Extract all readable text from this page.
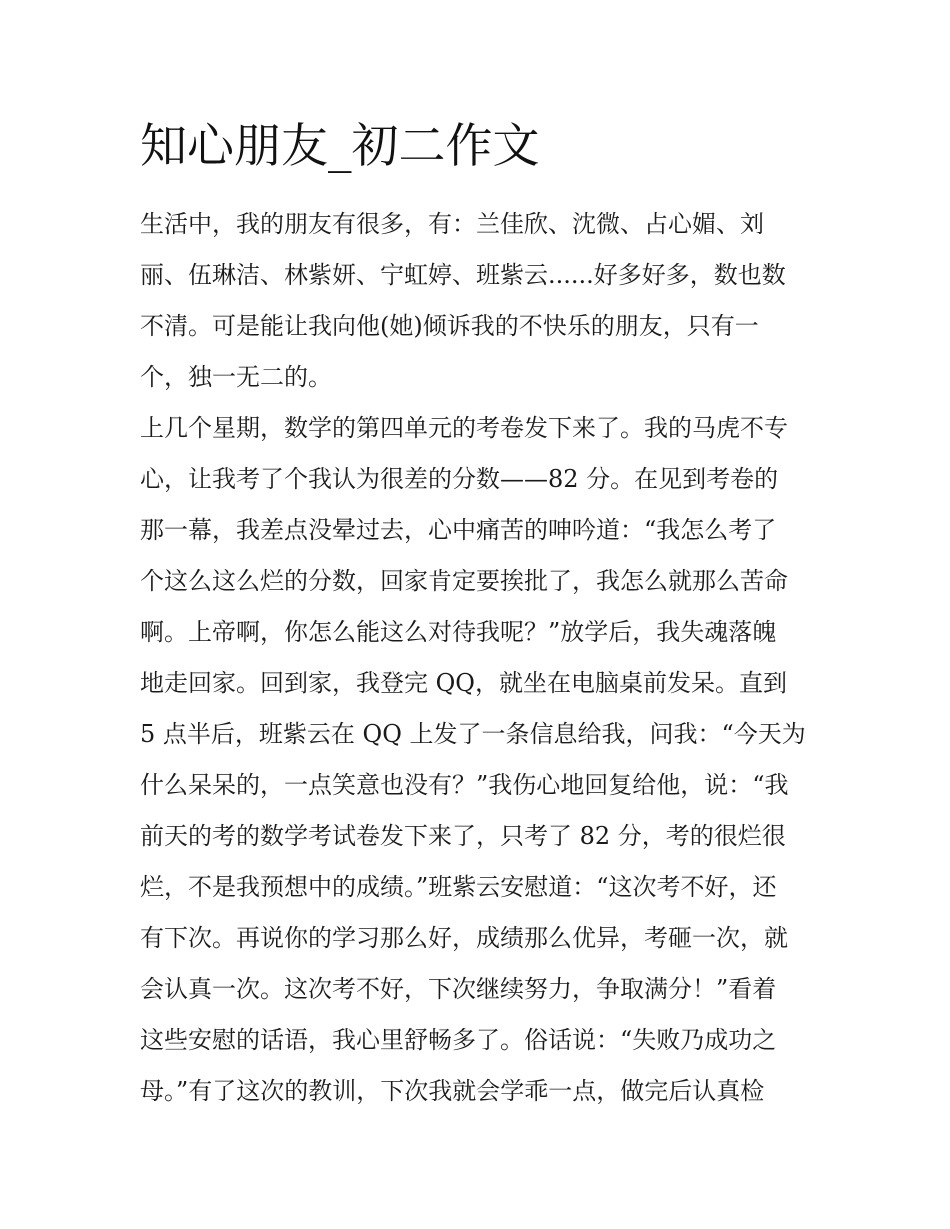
知心朋友_初二作文
生活中，我的朋友有很多，有：兰佳欣、沈微、占心媚、刘
丽、伍琳洁、林紫妍、宁虹婷、班紫云......好多好多，数也数
不清。可是能让我向他(她)倾诉我的不快乐的朋友，只有一
个，独一无二的。
上几个星期，数学的第四单元的考卷发下来了。我的马虎不专
心，让我考了个我认为很差的分数——82 分。在见到考卷的
那一幕，我差点没晕过去，心中痛苦的呻吟道：“我怎么考了
个这么这么烂的分数，回家肯定要挨批了，我怎么就那么苦命
啊。上帝啊，你怎么能这么对待我呢？”放学后，我失魂落魄
地走回家。回到家，我登完 QQ，就坐在电脑桌前发呆。直到
5 点半后，班紫云在 QQ 上发了一条信息给我，问我：“今天为
什么呆呆的，一点笑意也没有？”我伤心地回复给他，说：“我
前天的考的数学考试卷发下来了，只考了 82 分，考的很烂很
烂，不是我预想中的成绩。”班紫云安慰道：“这次考不好，还
有下次。再说你的学习那么好，成绩那么优异，考砸一次，就
会认真一次。这次考不好，下次继续努力，争取满分！”看着
这些安慰的话语，我心里舒畅多了。俗话说：“失败乃成功之
母。”有了这次的教训，下次我就会学乖一点，做完后认真检
